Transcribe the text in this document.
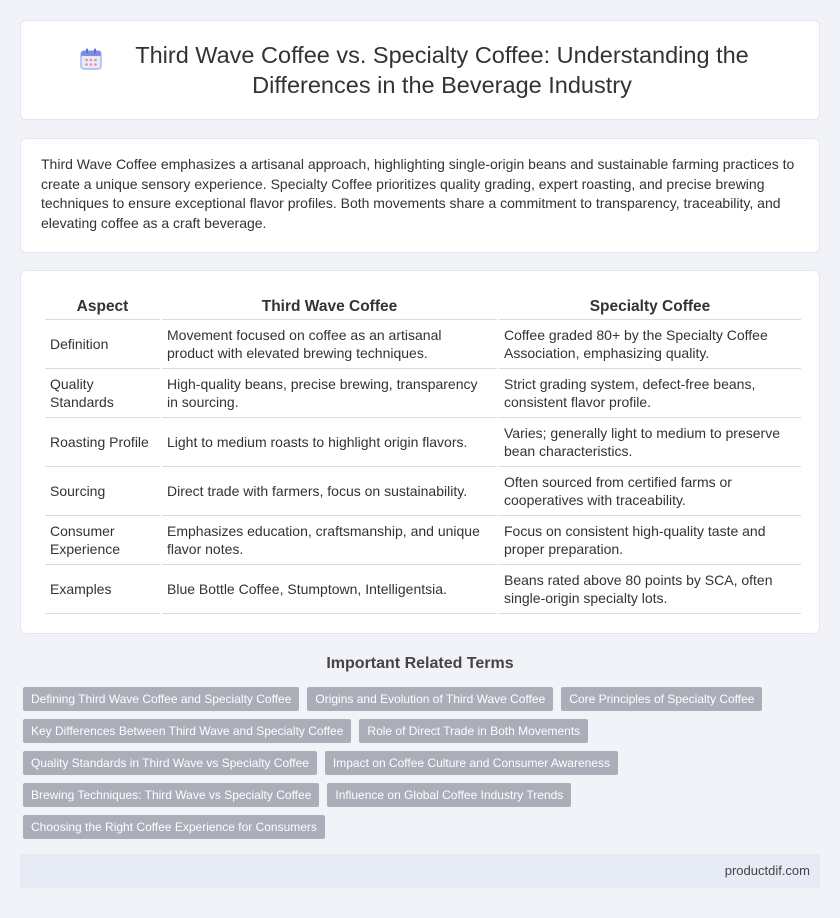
Third Wave Coffee vs. Specialty Coffee: Understanding the Differences in the Beverage Industry

Third Wave Coffee emphasizes a artisanal approach, highlighting single-origin beans and sustainable farming practices to create a unique sensory experience. Specialty Coffee prioritizes quality grading, expert roasting, and precise brewing techniques to ensure exceptional flavor profiles. Both movements share a commitment to transparency, traceability, and elevating coffee as a craft beverage.

Aspect	Third Wave Coffee	Specialty Coffee
Definition	Movement focused on coffee as an artisanal product with elevated brewing techniques.	Coffee graded 80+ by the Specialty Coffee Association, emphasizing quality.
Quality Standards	High-quality beans, precise brewing, transparency in sourcing.	Strict grading system, defect-free beans, consistent flavor profile.
Roasting Profile	Light to medium roasts to highlight origin flavors.	Varies; generally light to medium to preserve bean characteristics.
Sourcing	Direct trade with farmers, focus on sustainability.	Often sourced from certified farms or cooperatives with traceability.
Consumer Experience	Emphasizes education, craftsmanship, and unique flavor notes.	Focus on consistent high-quality taste and proper preparation.
Examples	Blue Bottle Coffee, Stumptown, Intelligentsia.	Beans rated above 80 points by SCA, often single-origin specialty lots.
Important Related Terms
Defining Third Wave Coffee and Specialty Coffee	Origins and Evolution of Third Wave Coffee	Core Principles of Specialty Coffee
Key Differences Between Third Wave and Specialty Coffee	Role of Direct Trade in Both Movements
Quality Standards in Third Wave vs Specialty Coffee	Impact on Coffee Culture and Consumer Awareness
Brewing Techniques: Third Wave vs Specialty Coffee	Influence on Global Coffee Industry Trends
Choosing the Right Coffee Experience for Consumers
productdif.com
